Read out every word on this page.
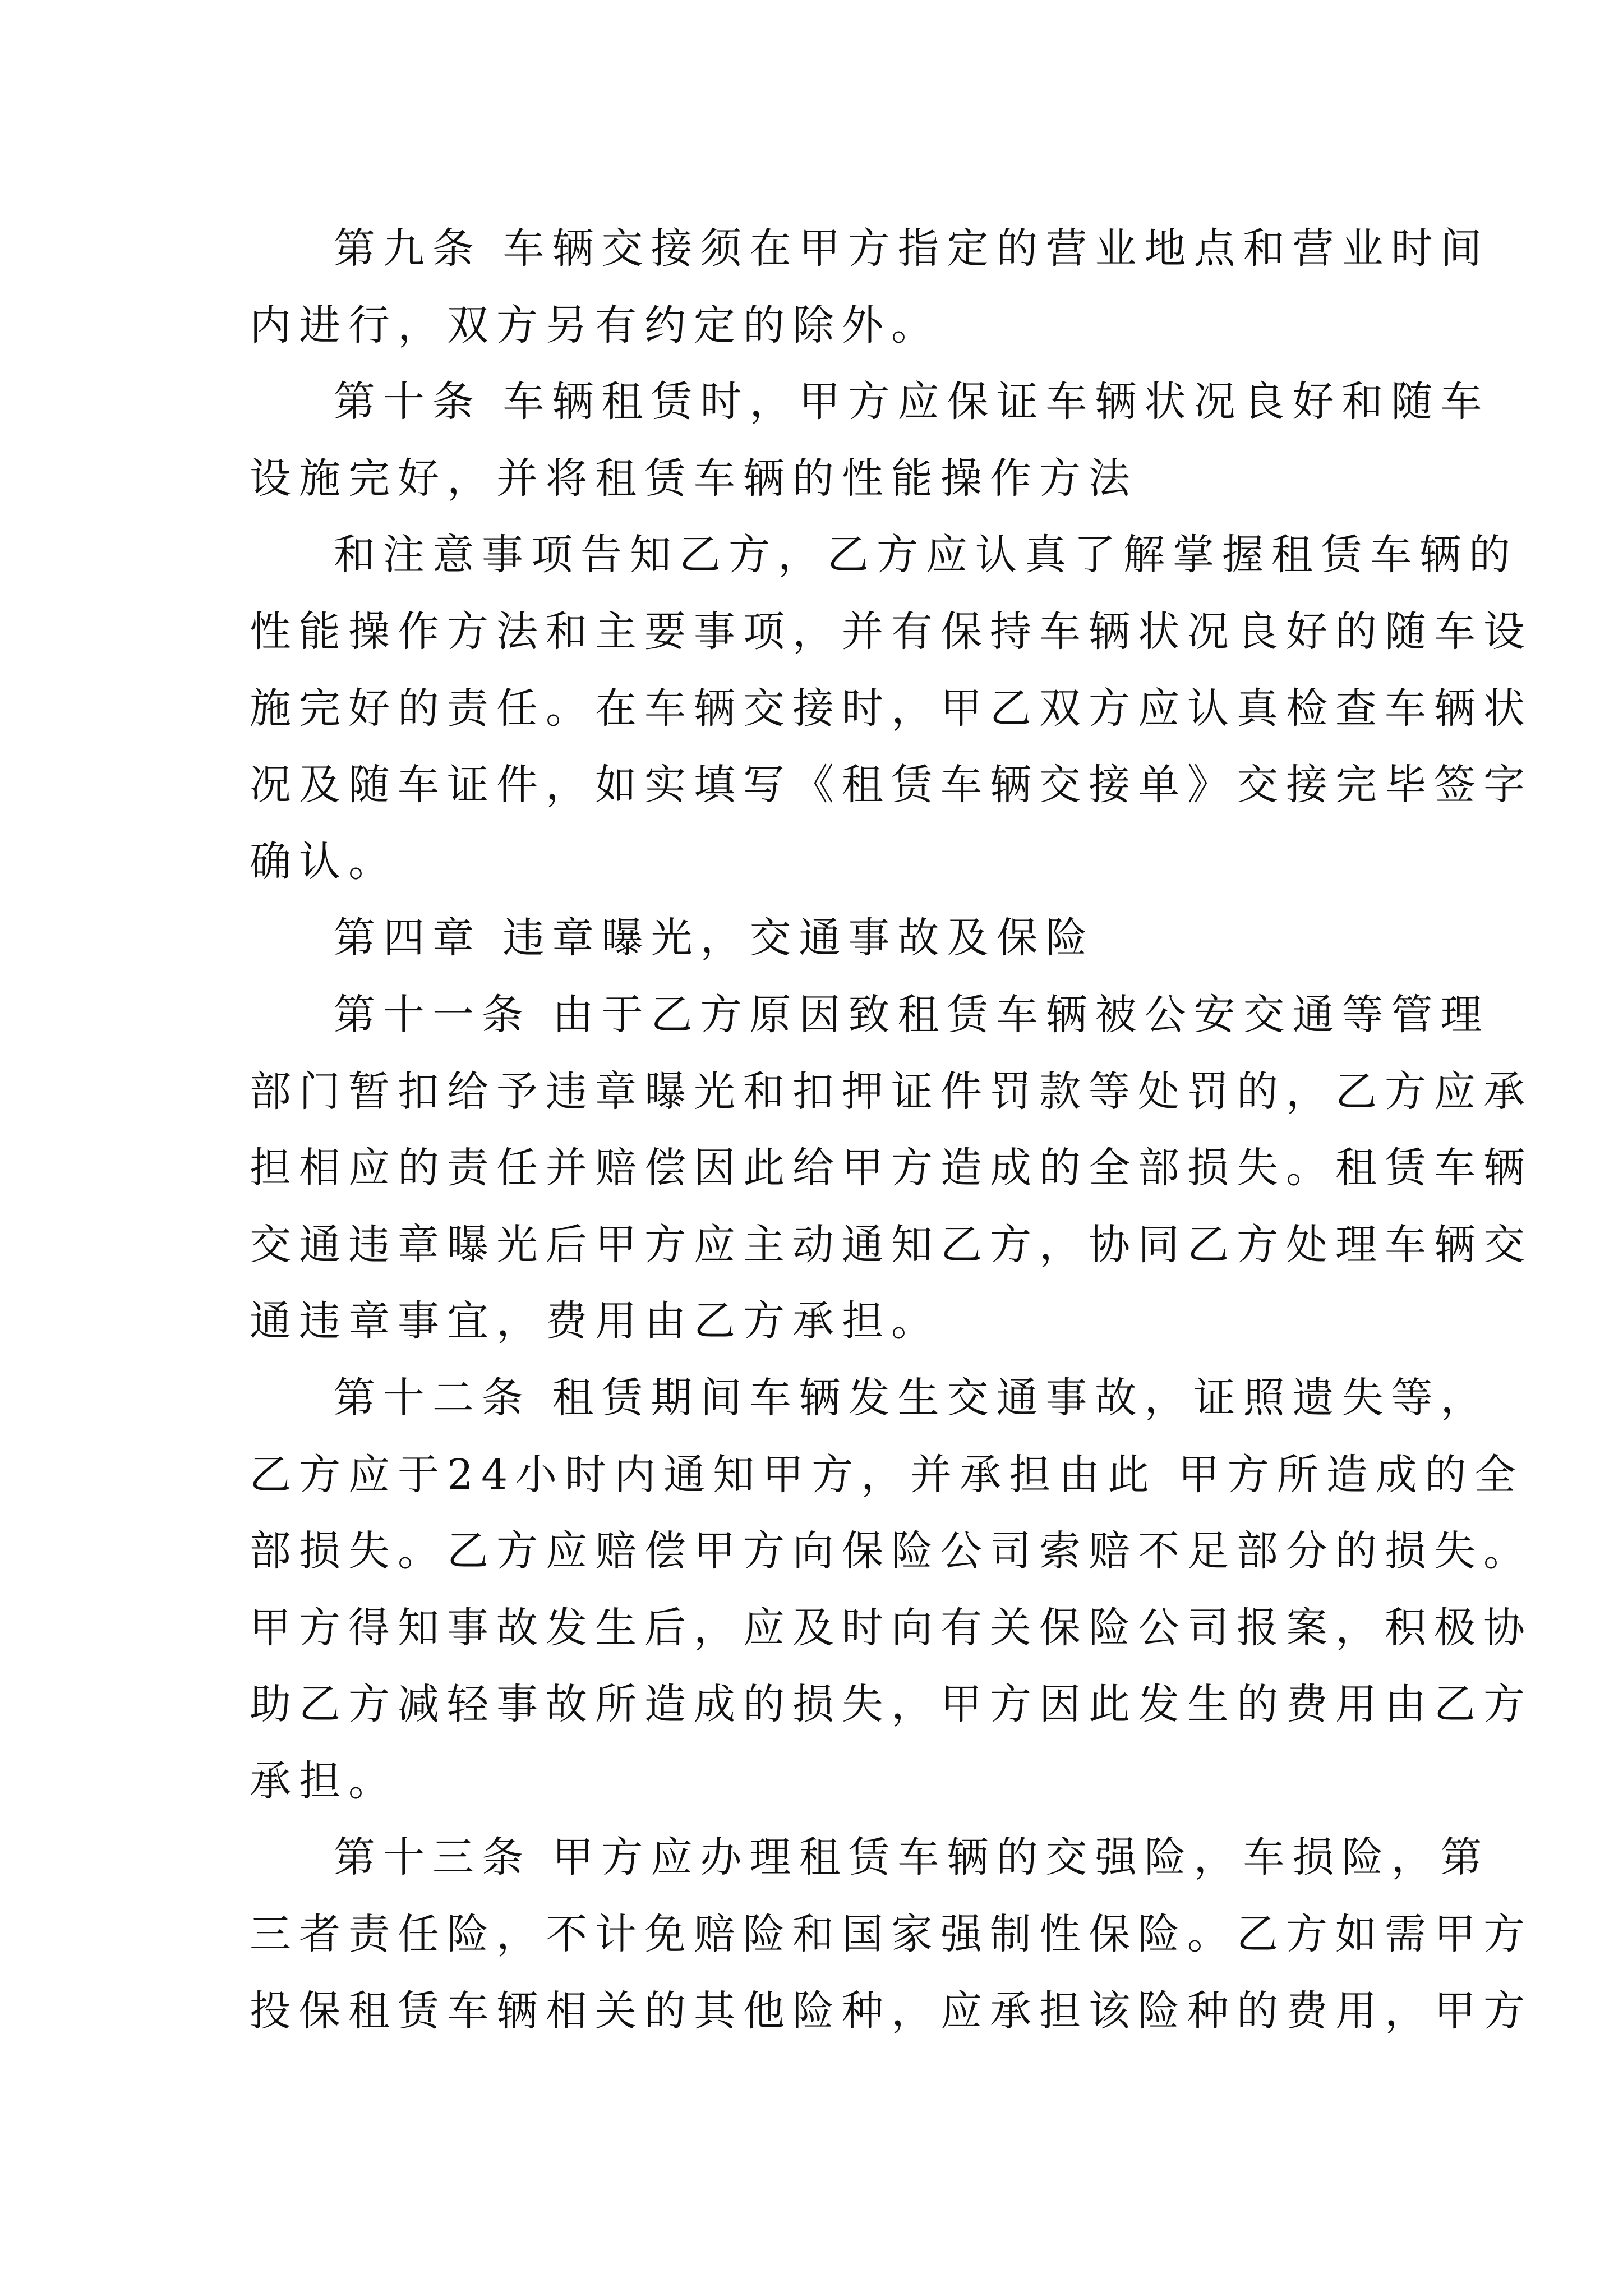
第九条 车辆交接须在甲方指定的营业地点和营业时间
内进行，双方另有约定的除外。
第十条 车辆租赁时，甲方应保证车辆状况良好和随车
设施完好，并将租赁车辆的性能操作方法
和注意事项告知乙方，乙方应认真了解掌握租赁车辆的
性能操作方法和主要事项，并有保持车辆状况良好的随车设
施完好的责任。在车辆交接时，甲乙双方应认真检查车辆状
况及随车证件，如实填写《租赁车辆交接单》交接完毕签字
确认。
第四章 违章曝光，交通事故及保险
第十一条 由于乙方原因致租赁车辆被公安交通等管理
部门暂扣给予违章曝光和扣押证件罚款等处罚的，乙方应承
担相应的责任并赔偿因此给甲方造成的全部损失。租赁车辆
交通违章曝光后甲方应主动通知乙方，协同乙方处理车辆交
通违章事宜，费用由乙方承担。
第十二条 租赁期间车辆发生交通事故，证照遗失等，
乙方应于24小时内通知甲方，并承担由此 甲方所造成的全
部损失。乙方应赔偿甲方向保险公司索赔不足部分的损失。
甲方得知事故发生后，应及时向有关保险公司报案，积极协
助乙方减轻事故所造成的损失，甲方因此发生的费用由乙方
承担。
第十三条 甲方应办理租赁车辆的交强险，车损险，第
三者责任险，不计免赔险和国家强制性保险。乙方如需甲方
投保租赁车辆相关的其他险种，应承担该险种的费用，甲方
